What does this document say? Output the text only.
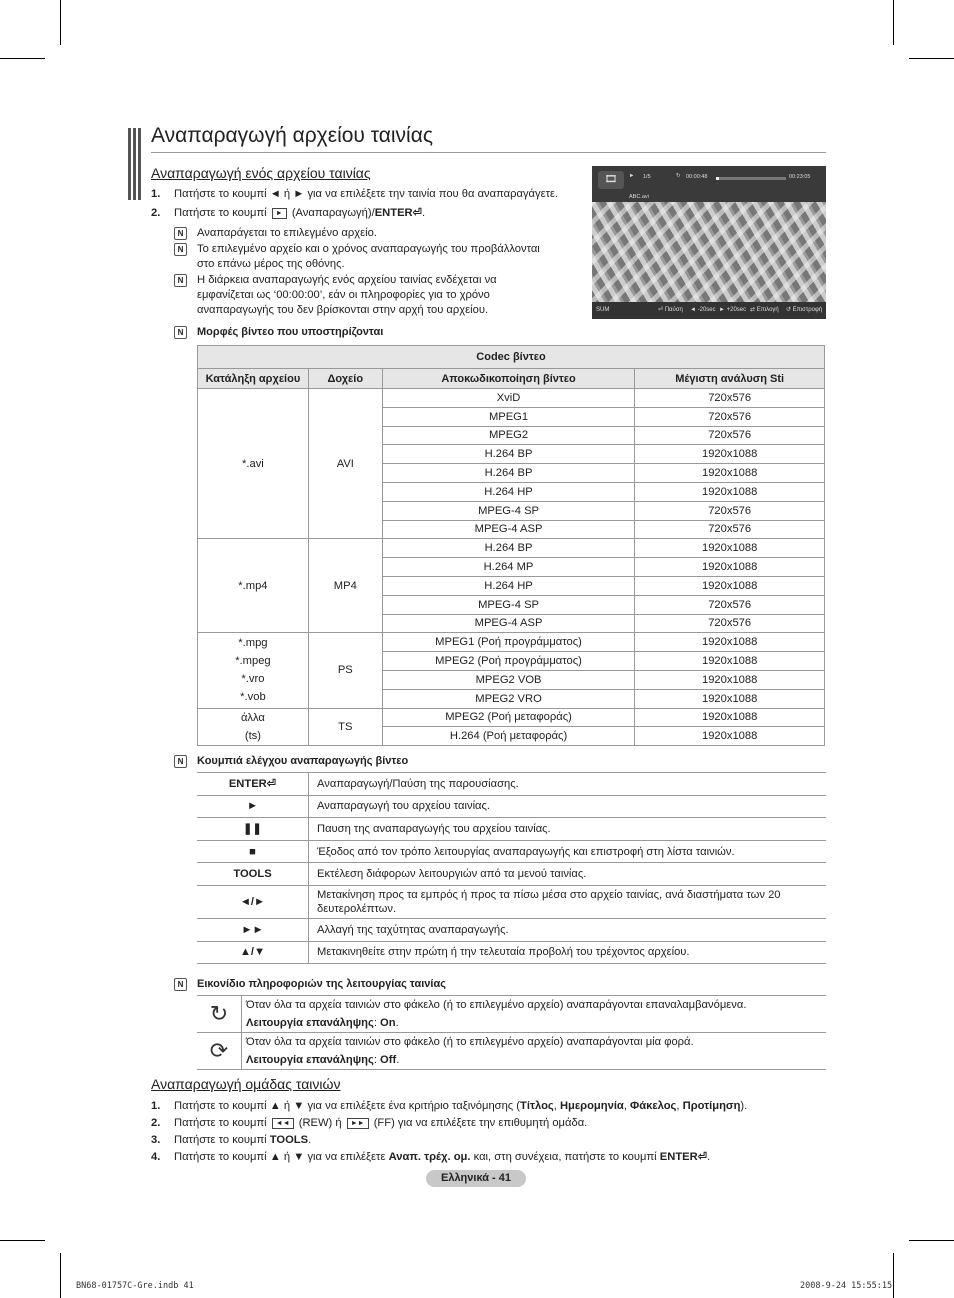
Αναπαραγωγή αρχείου ταινίας
Αναπαραγωγή ενός αρχείου ταινίας
1. Πατήστε το κουμπί ◄ ή ► για να επιλέξετε την ταινία που θα αναπαραγάγετε.
2. Πατήστε το κουμπί ► (Αναπαραγωγή)/ENTER⏎.
N	Αναπαράγεται το επιλεγμένο αρχείο.
N	Το επιλεγμένο αρχείο και ο χρόνος αναπαραγωγής του προβάλλονται στο επάνω μέρος της οθόνης.
N	Η διάρκεια αναπαραγωγής ενός αρχείου ταινίας ενδέχεται να εμφανίζεται ως ‘00:00:00’, εάν οι πληροφορίες για το χρόνο αναπαραγωγής του δεν βρίσκονται στην αρχή του αρχείου.
N	Μορφές βίντεο που υποστηρίζονται
🎞	► 1/5	↻ 00:00:48	00:23:05
ABC.avi
SUM	⏎ Παύση ◄ -20sec ► +20sec ⇄ Επιλογή ↺ Επιστροφή
Codec βίντεο			
Κατάληξη αρχείου	Δοχείο	Αποκωδικοποίηση βίντεο	Μέγιστη ανάλυση Sti

*.avi	AVI	XviD	720x576
		MPEG1	720x576
		MPEG2	720x576
		H.264 BP	1920x1088
		H.264 BP	1920x1088
		H.264 HP	1920x1088
		MPEG-4 SP	720x576
		MPEG-4 ASP	720x576

*.mp4	MP4	H.264 BP	1920x1088
		H.264 MP	1920x1088
		H.264 HP	1920x1088
		MPEG-4 SP	720x576
		MPEG-4 ASP	720x576

*.mpg
*.mpeg
*.vro
*.vob	PS	MPEG1 (Ροή προγράμματος)	1920x1088
		MPEG2 (Ροή προγράμματος)	1920x1088
		MPEG2 VOB	1920x1088
		MPEG2 VRO	1920x1088

άλλα
(ts)	TS	MPEG2 (Ροή μεταφοράς)	1920x1088
		H.264 (Ροή μεταφοράς)	1920x1088
N	Κουμπιά ελέγχου αναπαραγωγής βίντεο
ENTER⏎	Αναπαραγωγή/Παύση της παρουσίασης.
►	Αναπαραγωγή του αρχείου ταινίας.
❚❚	Παυση της αναπαραγωγής του αρχείου ταινίας.
■	Έξοδος από τον τρόπο λειτουργίας αναπαραγωγής και επιστροφή στη λίστα ταινιών.
TOOLS	Εκτέλεση διάφορων λειτουργιών από τα μενού ταινίας.
◄/►	Μετακίνηση προς τα εμπρός ή προς τα πίσω μέσα στο αρχείο ταινίας, ανά διαστήματα των 20 δευτερολέπτων.
►►	Αλλαγή της ταχύτητας αναπαραγωγής.
▲/▼	Μετακινηθείτε στην πρώτη ή την τελευταία προβολή του τρέχοντος αρχείου.
N	Εικονίδιο πληροφοριών της λειτουργίας ταινίας
↻	Όταν όλα τα αρχεία ταινιών στο φάκελο (ή το επιλεγμένο αρχείο) αναπαράγονται επαναλαμβανόμενα.
Λειτουργία επανάληψης: On.

⟳	Όταν όλα τα αρχεία ταινιών στο φάκελο (ή το επιλεγμένο αρχείο) αναπαράγονται μία φορά.
Λειτουργία επανάληψης: Off.
Αναπαραγωγή ομάδας ταινιών
1. Πατήστε το κουμπί ▲ ή ▼ για να επιλέξετε ένα κριτήριο ταξινόμησης (Τίτλος, Ημερομηνία, Φάκελος, Προτίμηση).
2. Πατήστε το κουμπί ◄◄ (REW) ή ►► (FF) για να επιλέξετε την επιθυμητή ομάδα.
3. Πατήστε το κουμπί TOOLS.
4. Πατήστε το κουμπί ▲ ή ▼ για να επιλέξετε Αναπ. τρέχ. ομ. και, στη συνέχεια, πατήστε το κουμπί ENTER⏎.
Ελληνικά - 41
BN68-01757C-Gre.indb 41	2008-9-24 15:55:15
